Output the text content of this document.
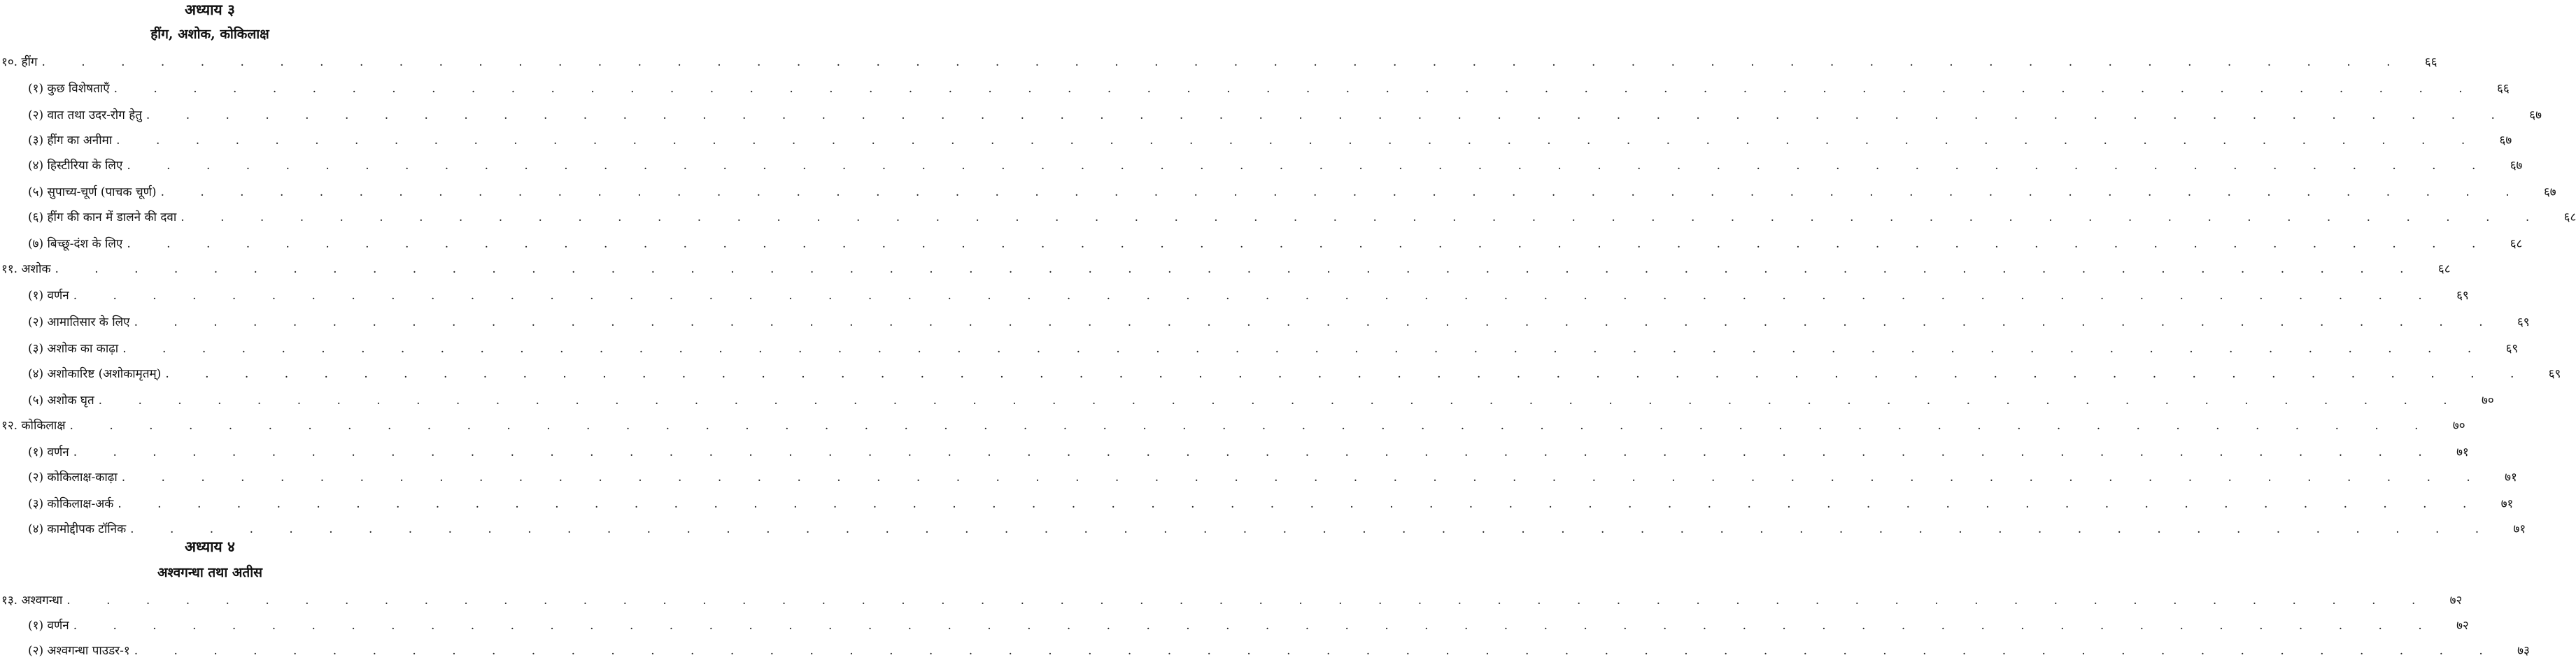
अध्याय ३
हींग, अशोक, कोकिलाक्ष
१०. हींग . . . . . . . . . . . . . . . . . . . . . . . . . . . . . . . . . . . . . . . . . . . . . . . . . . . . . . . . . . . .	६६
(१) कुछ विशेषताएँ . . . . . . . . . . . . . . . . . . . . . . . . . . . . . . . . . . . . . . . . . . . . . . . . . . . . . . . . . . . .	६६
(२) वात तथा उदर-रोग हेतु . . . . . . . . . . . . . . . . . . . . . . . . . . . . . . . . . . . . . . . . . . . . . . . . . . . . . . . . . . . .	६७
(३) हींग का अनीमा . . . . . . . . . . . . . . . . . . . . . . . . . . . . . . . . . . . . . . . . . . . . . . . . . . . . . . . . . . . .	६७
(४) हिस्टीरिया के लिए . . . . . . . . . . . . . . . . . . . . . . . . . . . . . . . . . . . . . . . . . . . . . . . . . . . . . . . . . . . .	६७
(५) सुपाच्य-चूर्ण (पाचक चूर्ण) . . . . . . . . . . . . . . . . . . . . . . . . . . . . . . . . . . . . . . . . . . . . . . . . . . . . . . . . . . . .	६७
(६) हींग की कान में डालने की दवा . . . . . . . . . . . . . . . . . . . . . . . . . . . . . . . . . . . . . . . . . . . . . . . . . . . . . . . . . . . .	६८
(७) बिच्छू-दंश के लिए . . . . . . . . . . . . . . . . . . . . . . . . . . . . . . . . . . . . . . . . . . . . . . . . . . . . . . . . . . . .	६८
११. अशोक . . . . . . . . . . . . . . . . . . . . . . . . . . . . . . . . . . . . . . . . . . . . . . . . . . . . . . . . . . . .	६८
(१) वर्णन . . . . . . . . . . . . . . . . . . . . . . . . . . . . . . . . . . . . . . . . . . . . . . . . . . . . . . . . . . . .	६९
(२) आमातिसार के लिए . . . . . . . . . . . . . . . . . . . . . . . . . . . . . . . . . . . . . . . . . . . . . . . . . . . . . . . . . . . .	६९
(३) अशोक का काढ़ा . . . . . . . . . . . . . . . . . . . . . . . . . . . . . . . . . . . . . . . . . . . . . . . . . . . . . . . . . . . .	६९
(४) अशोकारिष्ट (अशोकामृतम्) . . . . . . . . . . . . . . . . . . . . . . . . . . . . . . . . . . . . . . . . . . . . . . . . . . . . . . . . . . . .	६९
(५) अशोक घृत . . . . . . . . . . . . . . . . . . . . . . . . . . . . . . . . . . . . . . . . . . . . . . . . . . . . . . . . . . . .	७०
१२. कोकिलाक्ष . . . . . . . . . . . . . . . . . . . . . . . . . . . . . . . . . . . . . . . . . . . . . . . . . . . . . . . . . . . .	७०
(१) वर्णन . . . . . . . . . . . . . . . . . . . . . . . . . . . . . . . . . . . . . . . . . . . . . . . . . . . . . . . . . . . .	७१
(२) कोकिलाक्ष-काढ़ा . . . . . . . . . . . . . . . . . . . . . . . . . . . . . . . . . . . . . . . . . . . . . . . . . . . . . . . . . . . .	७१
(३) कोकिलाक्ष-अर्क . . . . . . . . . . . . . . . . . . . . . . . . . . . . . . . . . . . . . . . . . . . . . . . . . . . . . . . . . . . .	७१
(४) कामोद्दीपक टॉनिक . . . . . . . . . . . . . . . . . . . . . . . . . . . . . . . . . . . . . . . . . . . . . . . . . . . . . . . . . . . .	७१
अध्याय ४
अश्वगन्धा तथा अतीस
१३. अश्वगन्धा . . . . . . . . . . . . . . . . . . . . . . . . . . . . . . . . . . . . . . . . . . . . . . . . . . . . . . . . . . . .	७२
(१) वर्णन . . . . . . . . . . . . . . . . . . . . . . . . . . . . . . . . . . . . . . . . . . . . . . . . . . . . . . . . . . . .	७२
(२) अश्वगन्धा पाउडर-१ . . . . . . . . . . . . . . . . . . . . . . . . . . . . . . . . . . . . . . . . . . . . . . . . . . . . . . . . . . . .	७३
